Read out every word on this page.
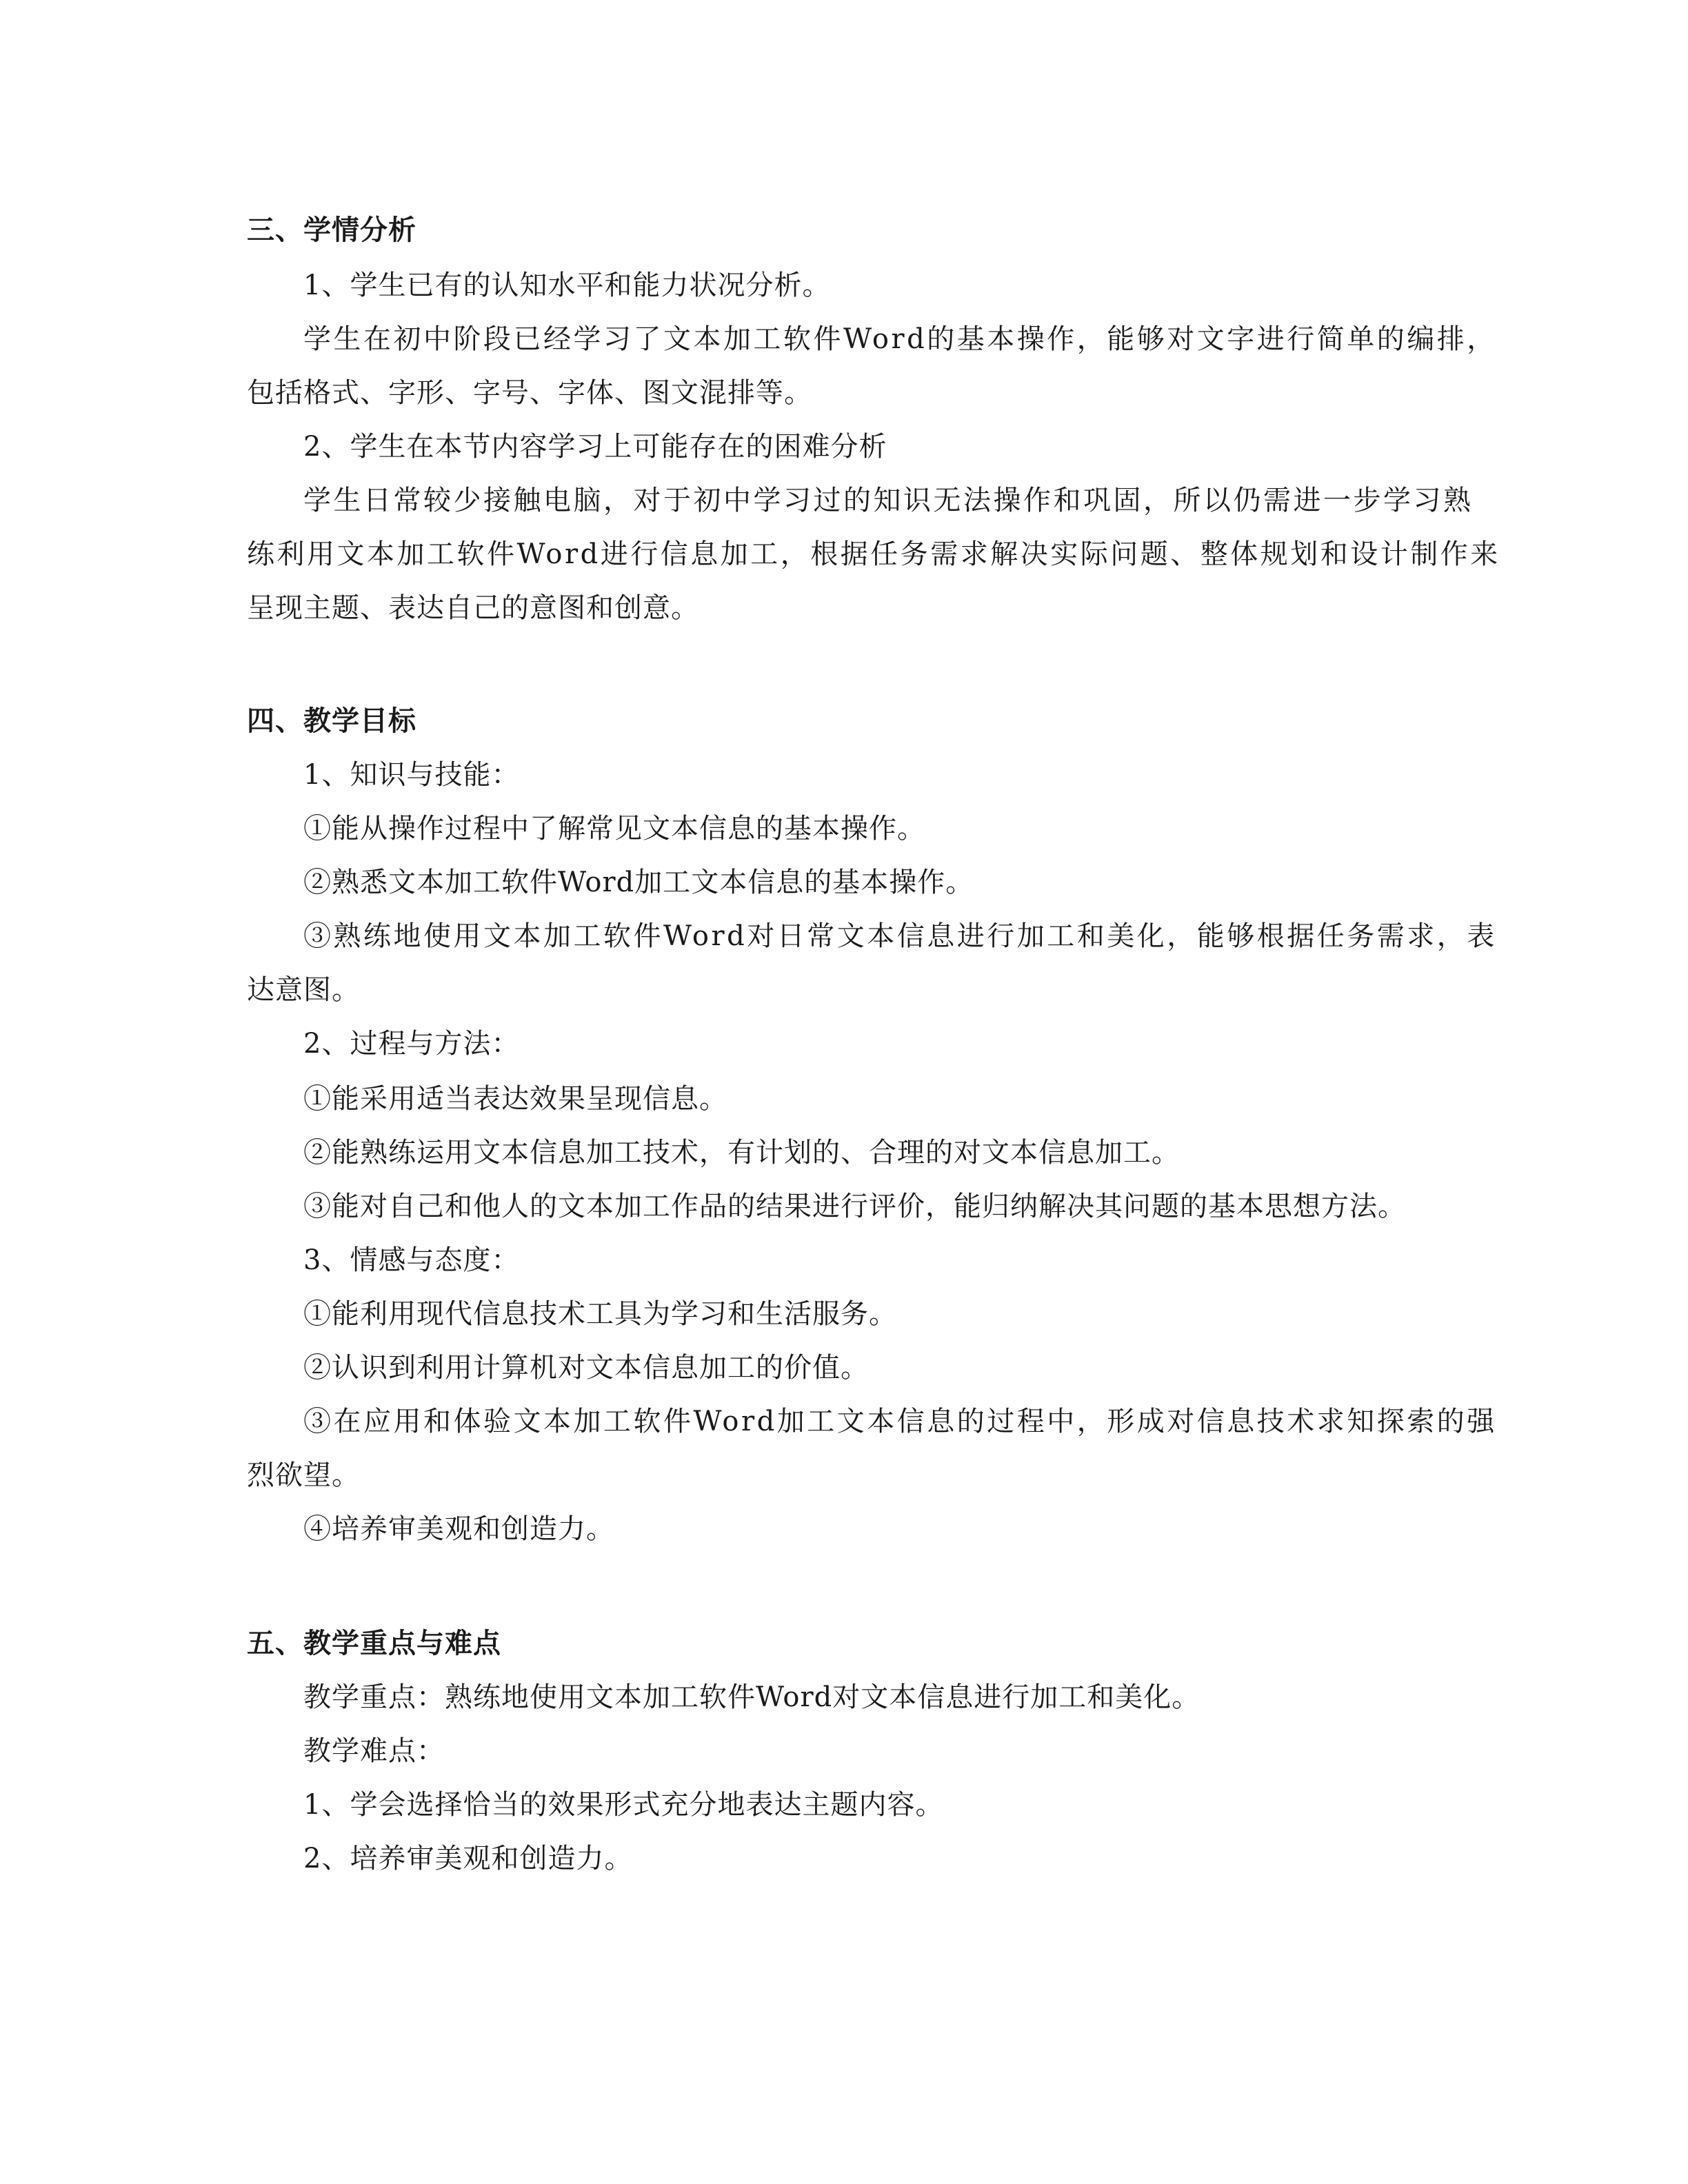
三、学情分析
1、学生已有的认知水平和能力状况分析。
学生在初中阶段已经学习了文本加工软件Word的基本操作，能够对文字进行简单的编排，
包括格式、字形、字号、字体、图文混排等。
2、学生在本节内容学习上可能存在的困难分析
学生日常较少接触电脑，对于初中学习过的知识无法操作和巩固，所以仍需进一步学习熟
练利用文本加工软件Word进行信息加工，根据任务需求解决实际问题、整体规划和设计制作来
呈现主题、表达自己的意图和创意。
四、教学目标
1、知识与技能：
①能从操作过程中了解常见文本信息的基本操作。
②熟悉文本加工软件Word加工文本信息的基本操作。
③熟练地使用文本加工软件Word对日常文本信息进行加工和美化，能够根据任务需求，表
达意图。
2、过程与方法：
①能采用适当表达效果呈现信息。
②能熟练运用文本信息加工技术，有计划的、合理的对文本信息加工。
③能对自己和他人的文本加工作品的结果进行评价，能归纳解决其问题的基本思想方法。
3、情感与态度：
①能利用现代信息技术工具为学习和生活服务。
②认识到利用计算机对文本信息加工的价值。
③在应用和体验文本加工软件Word加工文本信息的过程中，形成对信息技术求知探索的强
烈欲望。
④培养审美观和创造力。
五、教学重点与难点
教学重点：熟练地使用文本加工软件Word对文本信息进行加工和美化。
教学难点：
1、学会选择恰当的效果形式充分地表达主题内容。
2、培养审美观和创造力。
